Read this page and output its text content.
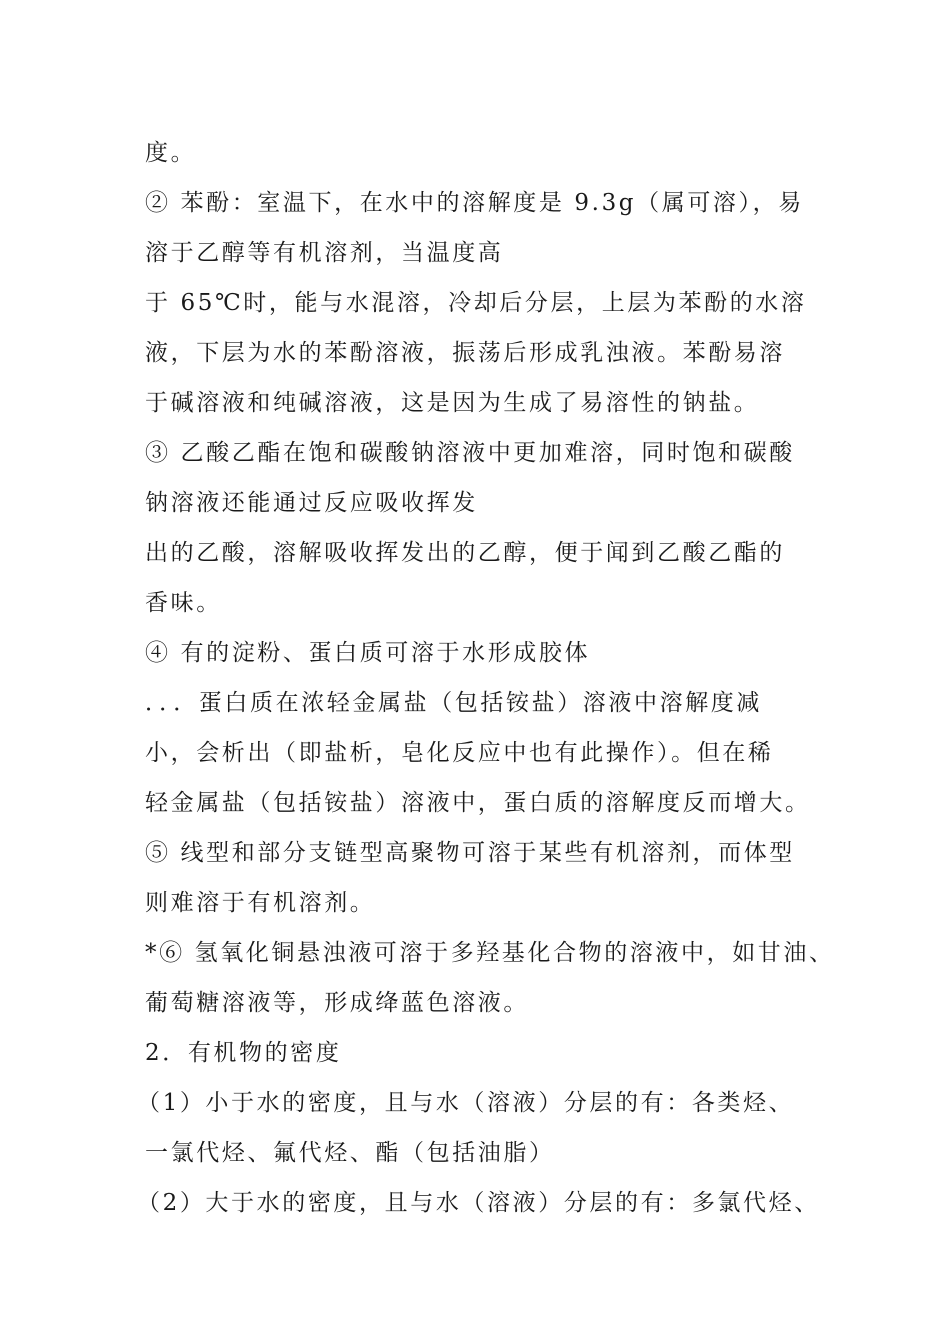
度。
② 苯酚：室温下，在水中的溶解度是 9.3g（属可溶），易
溶于乙醇等有机溶剂，当温度高
于 65℃时，能与水混溶，冷却后分层，上层为苯酚的水溶
液，下层为水的苯酚溶液，振荡后形成乳浊液。苯酚易溶
于碱溶液和纯碱溶液，这是因为生成了易溶性的钠盐。
③ 乙酸乙酯在饱和碳酸钠溶液中更加难溶，同时饱和碳酸
钠溶液还能通过反应吸收挥发
出的乙酸，溶解吸收挥发出的乙醇，便于闻到乙酸乙酯的
香味。
④ 有的淀粉、蛋白质可溶于水形成胶体
．．．蛋白质在浓轻金属盐（包括铵盐）溶液中溶解度减
小，会析出（即盐析，皂化反应中也有此操作）。但在稀
轻金属盐（包括铵盐）溶液中，蛋白质的溶解度反而增大。
⑤ 线型和部分支链型高聚物可溶于某些有机溶剂，而体型
则难溶于有机溶剂。
*⑥ 氢氧化铜悬浊液可溶于多羟基化合物的溶液中，如甘油、
葡萄糖溶液等，形成绛蓝色溶液。
2．有机物的密度
（1）小于水的密度，且与水（溶液）分层的有：各类烃、
一氯代烃、氟代烃、酯（包括油脂）
（2）大于水的密度，且与水（溶液）分层的有：多氯代烃、
